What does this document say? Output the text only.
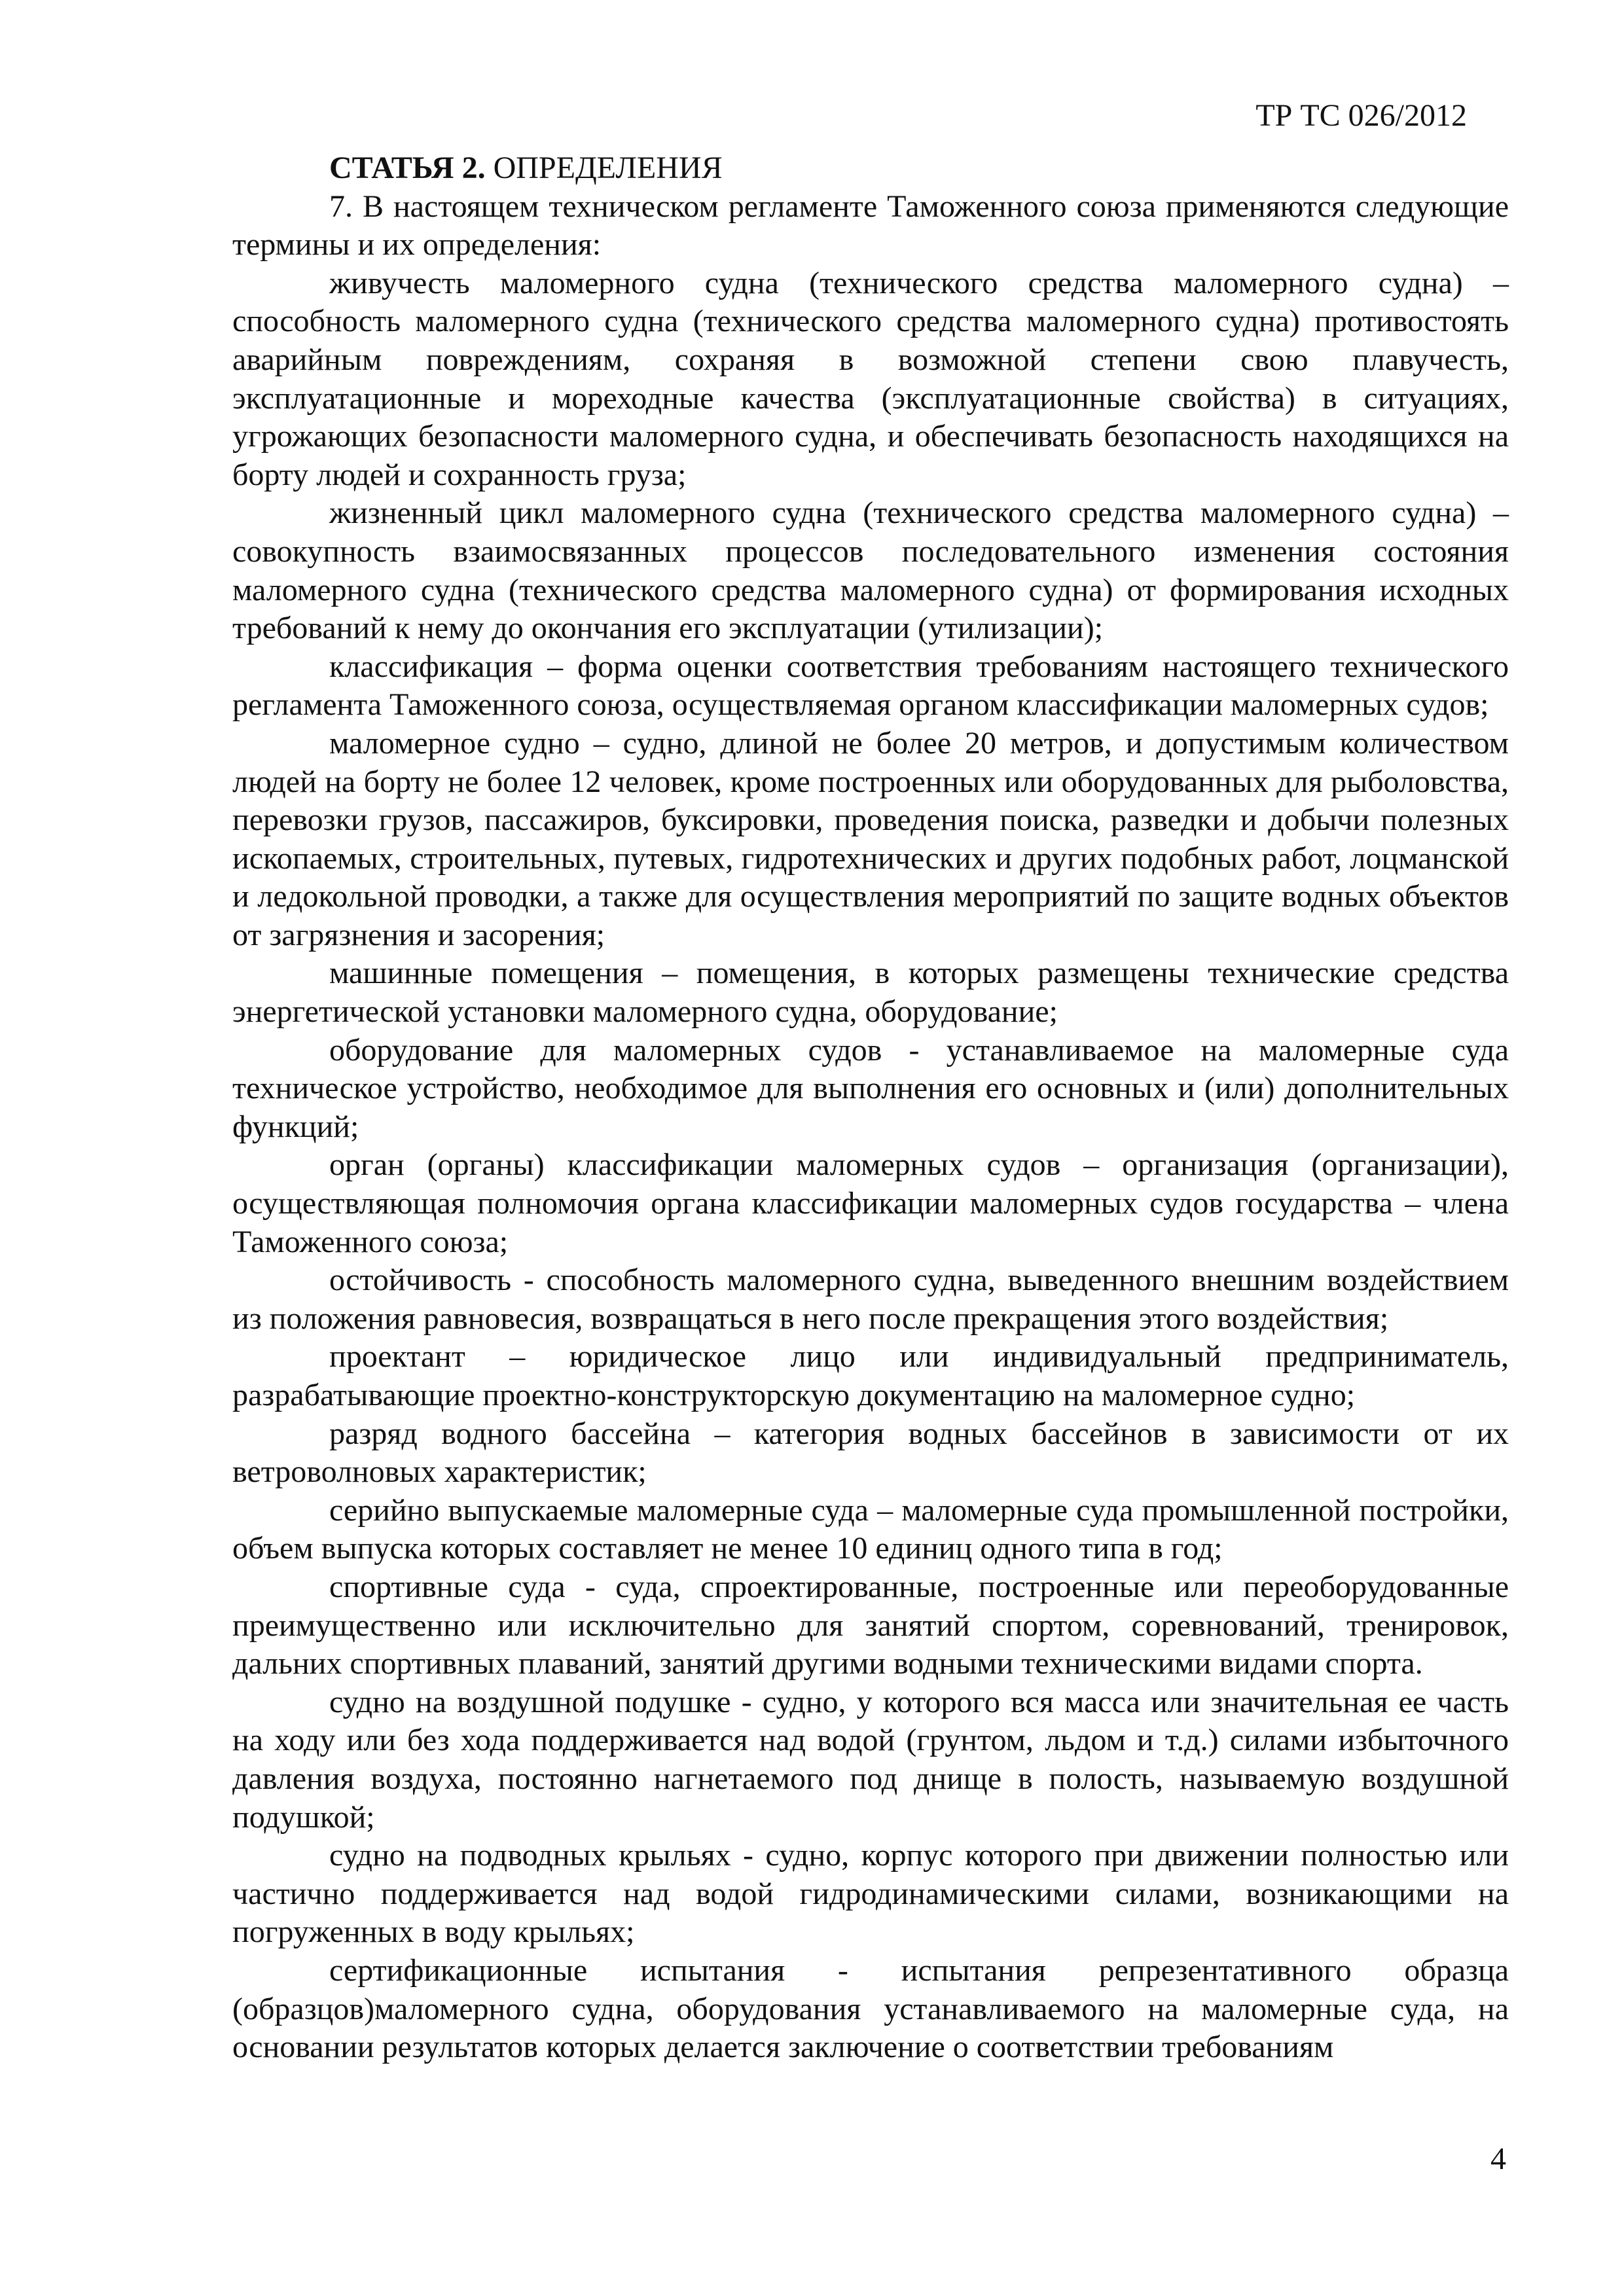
ТР ТС 026/2012
СТАТЬЯ 2. ОПРЕДЕЛЕНИЯ

7. В настоящем техническом регламенте Таможенного союза применяются следующие термины и их определения:

живучесть маломерного судна (технического средства маломерного судна) – способность маломерного судна (технического средства маломерного судна) противостоять аварийным повреждениям, сохраняя в возможной степени свою плавучесть, эксплуатационные и мореходные качества (эксплуатационные свойства) в ситуациях, угрожающих безопасности маломерного судна, и обеспечивать безопасность находящихся на борту людей и сохранность груза;

жизненный цикл маломерного судна (технического средства маломерного судна) – совокупность взаимосвязанных процессов последовательного изменения состояния маломерного судна (технического средства маломерного судна) от формирования исходных требований к нему до окончания его эксплуатации (утилизации);

классификация – форма оценки соответствия требованиям настоящего технического регламента Таможенного союза, осуществляемая органом классификации маломерных судов;

маломерное судно – судно, длиной не более 20 метров, и допустимым количеством людей на борту не более 12 человек, кроме построенных или оборудованных для рыболовства, перевозки грузов, пассажиров, буксировки, проведения поиска, разведки и добычи полезных ископаемых, строительных, путевых, гидротехнических и других подобных работ, лоцманской и ледокольной проводки, а также для осуществления мероприятий по защите водных объектов от загрязнения и засорения;

машинные помещения – помещения, в которых размещены технические средства энергетической установки маломерного судна, оборудование;

оборудование для маломерных судов - устанавливаемое на маломерные суда техническое устройство, необходимое для выполнения его основных и (или) дополнительных функций;

орган (органы) классификации маломерных судов – организация (организации), осуществляющая полномочия органа классификации маломерных судов государства – члена Таможенного союза;

остойчивость - способность маломерного судна, выведенного внешним воздействием из положения равновесия, возвращаться в него после прекращения этого воздействия;

проектант – юридическое лицо или индивидуальный предприниматель, разрабатывающие проектно-конструкторскую документацию на маломерное судно;

разряд водного бассейна – категория водных бассейнов в зависимости от их ветроволновых характеристик;

серийно выпускаемые маломерные суда – маломерные суда промышленной постройки, объем выпуска которых составляет не менее 10 единиц одного типа в год;

спортивные суда - суда, спроектированные, построенные или переоборудованные преимущественно или исключительно для занятий спортом, соревнований, тренировок, дальних спортивных плаваний, занятий другими водными техническими видами спорта.

судно на воздушной подушке - судно, у которого вся масса или значительная ее часть на ходу или без хода поддерживается над водой (грунтом, льдом и т.д.) силами избыточного давления воздуха, постоянно нагнетаемого под днище в полость, называемую воздушной подушкой;

судно на подводных крыльях - судно, корпус которого при движении полностью или частично поддерживается над водой гидродинамическими силами, возникающими на погруженных в воду крыльях;

сертификационные испытания - испытания репрезентативного образца (образцов)маломерного судна, оборудования устанавливаемого на маломерные суда, на основании результатов которых делается заключение о соответствии требованиям

4
